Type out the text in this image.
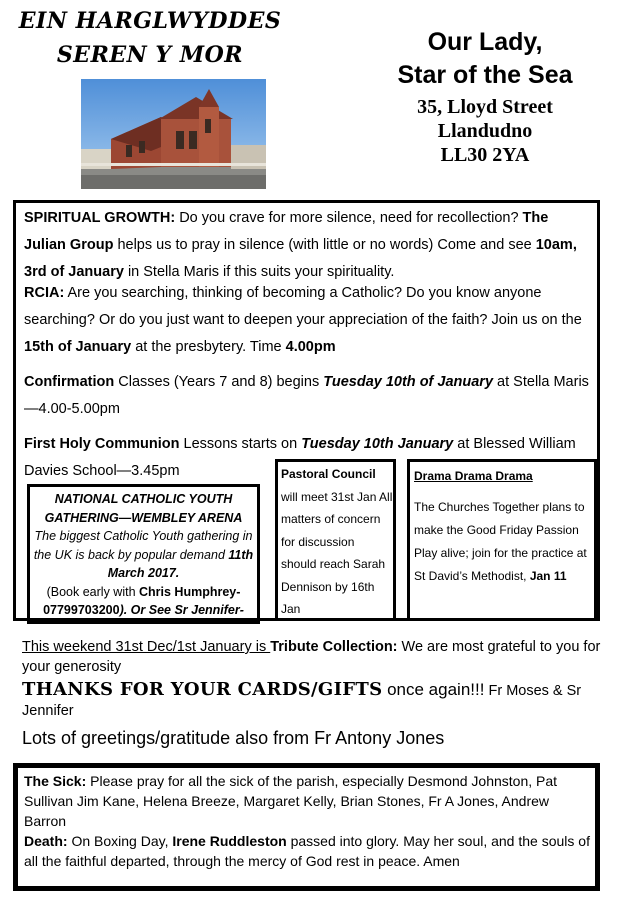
EIN HARGLWYDDES
SEREN Y MOR	Our Lady,
Star of the Sea
35, Lloyd Street
Llandudno
LL30 2YA
SPIRITUAL GROWTH: Do you crave for more silence, need for recollection? The Julian Group helps us to pray in silence (with little or no words) Come and see 10am, 3rd of January in Stella Maris if this suits your spirituality.
RCIA: Are you searching, thinking of becoming a Catholic? Do you know anyone searching? Or do you just want to deepen your appreciation of the faith? Join us on the 15th of January at the presbytery. Time 4.00pm
Confirmation Classes (Years 7 and 8) begins Tuesday 10th of January at Stella Maris—4.00-5.00pm
First Holy Communion Lessons starts on Tuesday 10th January at Blessed William Davies School—3.45pm
NATIONAL CATHOLIC YOUTH GATHERING—WEMBLEY ARENA
The biggest Catholic Youth gathering in the UK is back by popular demand 11th March 2017.
(Book early with Chris Humphrey-07799703200). Or See Sr Jennifer-
Pastoral Council
will meet 31st Jan All matters of concern for discussion should reach Sarah Dennison by 16th Jan
Drama Drama Drama
The Churches Together plans to make the Good Friday Passion Play alive; join for the practice at St David’s Methodist, Jan 11
This weekend 31st Dec/1st January is Tribute Collection: We are most grateful to you for your generosity
THANKS FOR YOUR CARDS/GIFTS once again!!! Fr Moses & Sr Jennifer
Lots of greetings/gratitude also from Fr Antony Jones
The Sick: Please pray for all the sick of the parish, especially Desmond Johnston, Pat Sullivan Jim Kane, Helena Breeze, Margaret Kelly, Brian Stones, Fr A Jones, Andrew Barron
Death: On Boxing Day, Irene Ruddleston passed into glory. May her soul, and the souls of all the faithful departed, through the mercy of God rest in peace. Amen
